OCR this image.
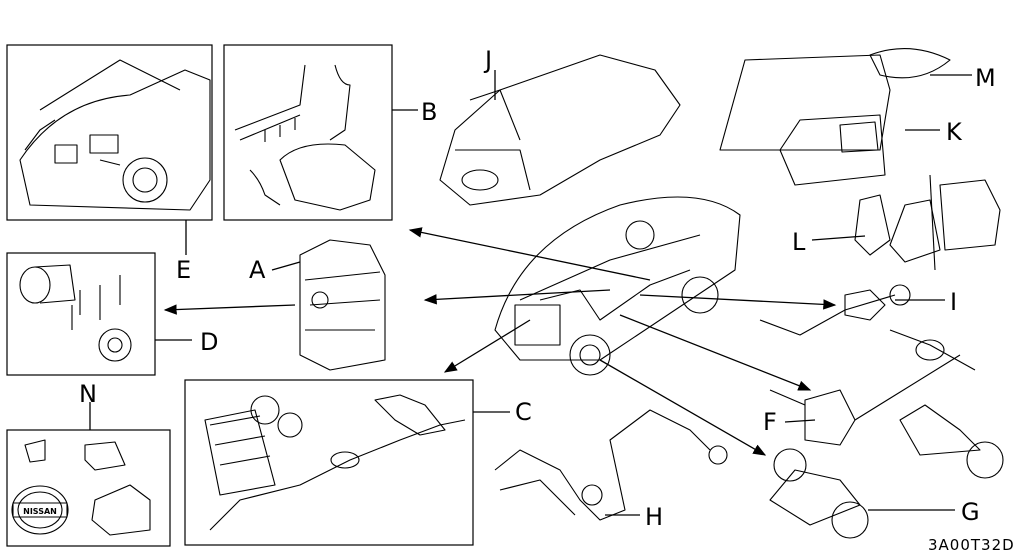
E
B
D
C
A
J
K
M
L
I
F
G
H
N
NISSAN
3A00T32D
